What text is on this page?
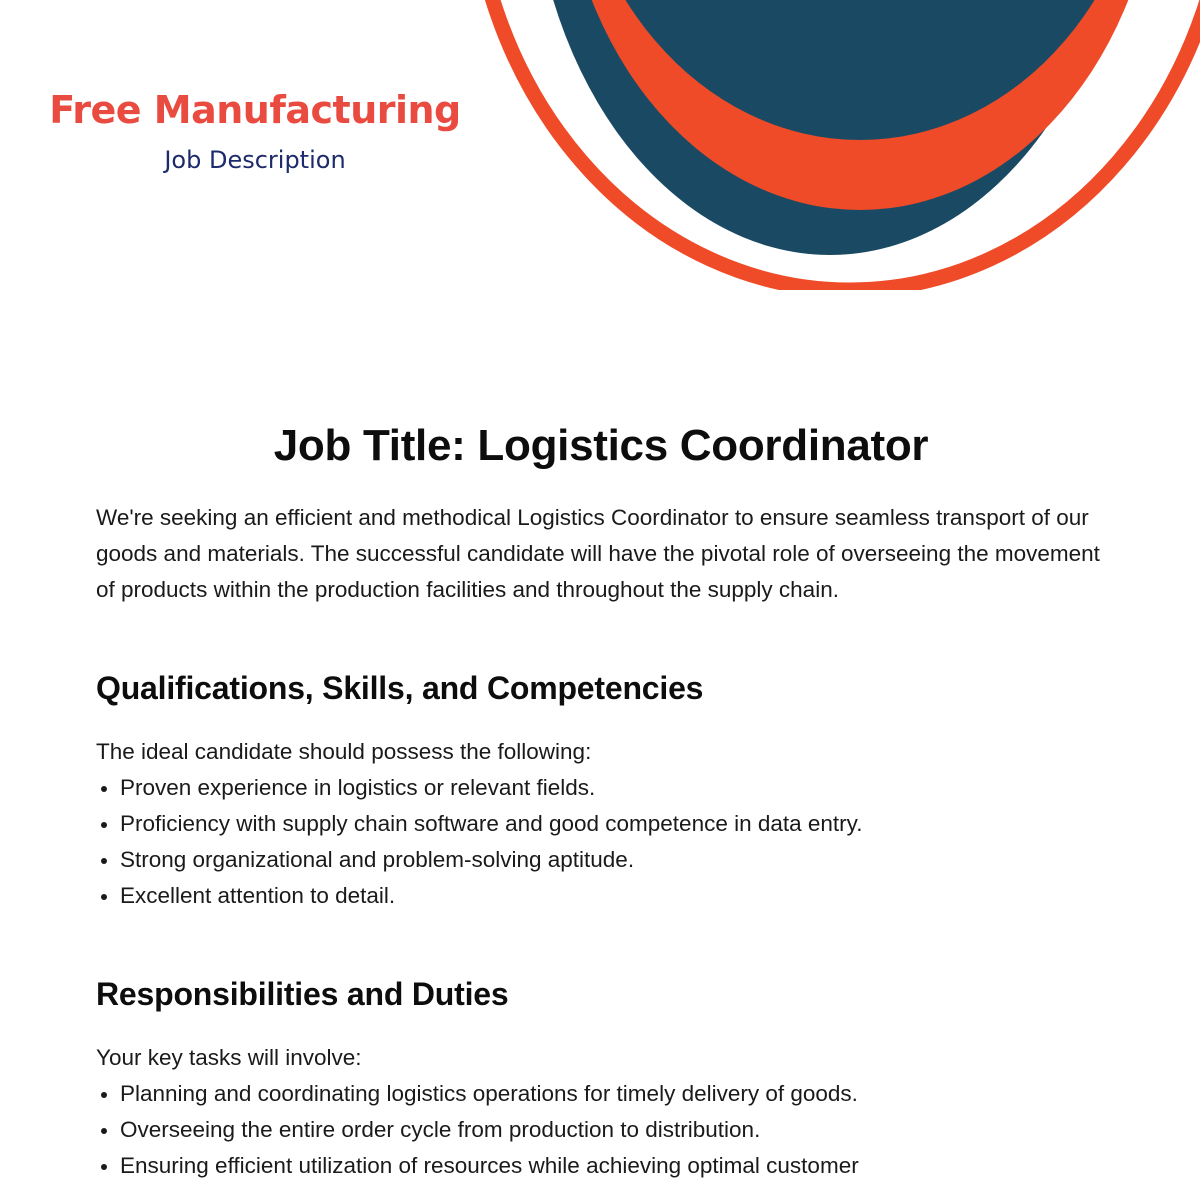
Free Manufacturing
Job Description
Job Title: Logistics Coordinator

We're seeking an efficient and methodical Logistics Coordinator to ensure seamless transport of our goods and materials. The successful candidate will have the pivotal role of overseeing the movement of products within the production facilities and throughout the supply chain.

Qualifications, Skills, and Competencies

The ideal candidate should possess the following:

Proven experience in logistics or relevant fields.
Proficiency with supply chain software and good competence in data entry.
Strong organizational and problem-solving aptitude.
Excellent attention to detail.
Responsibilities and Duties

Your key tasks will involve:

Planning and coordinating logistics operations for timely delivery of goods.
Overseeing the entire order cycle from production to distribution.
Ensuring efficient utilization of resources while achieving optimal customer
